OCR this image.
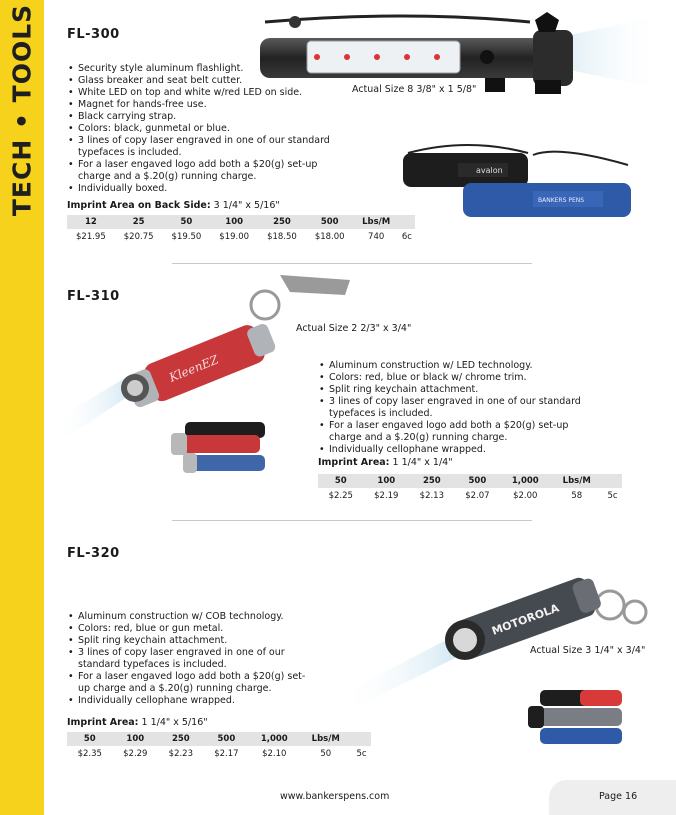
TECH • TOOLS FL-300
Actual Size 8 3/8" x 1 5/8"
• Security style aluminum flashlight.
• Glass breaker and seat belt cutter.
• White LED on top and white w/red LED on side.
• Magnet for hands-free use.
• Black carrying strap.
• Colors: black, gunmetal or blue.
• 3 lines of copy laser engraved in one of our standard typefaces is included.
• For a laser engaved logo add both a $20(g) set-up charge and a $.20(g) running charge.
• Individually boxed.
avalon
BANKERS PENS
Imprint Area on Back Side: 3 1/4" x 5/16"
12	25	50	100	250	500	Lbs/M	
$21.95	$20.75	$19.50	$19.00	$18.50	$18.00	740	6c
FL-310
KleenEZ
Actual Size 2 2/3" x 3/4"
• Aluminum construction w/ LED technology.
• Colors: red, blue or black w/ chrome trim.
• Split ring keychain attachment.
• 3 lines of copy laser engraved in one of our standard typefaces is included.
• For a laser engaved logo add both a $20(g) set-up charge and a $.20(g) running charge.
• Individually cellophane wrapped.
Imprint Area: 1 1/4" x 1/4"
50	100	250	500	1,000	Lbs/M	
$2.25	$2.19	$2.13	$2.07	$2.00	58	5c
FL-320
• Aluminum construction w/ COB technology.
• Colors: red, blue or gun metal.
• Split ring keychain attachment.
• 3 lines of copy laser engraved in one of our standard typefaces is included.
• For a laser engaved logo add both a $20(g) set-up charge and a $.20(g) running charge.
• Individually cellophane wrapped.
MOTOROLA
Actual Size 3 1/4" x 3/4"
Imprint Area: 1 1/4" x 5/16"
50	100	250	500	1,000	Lbs/M	
$2.35	$2.29	$2.23	$2.17	$2.10	50	5c
www.bankerspens.com	Page 16
